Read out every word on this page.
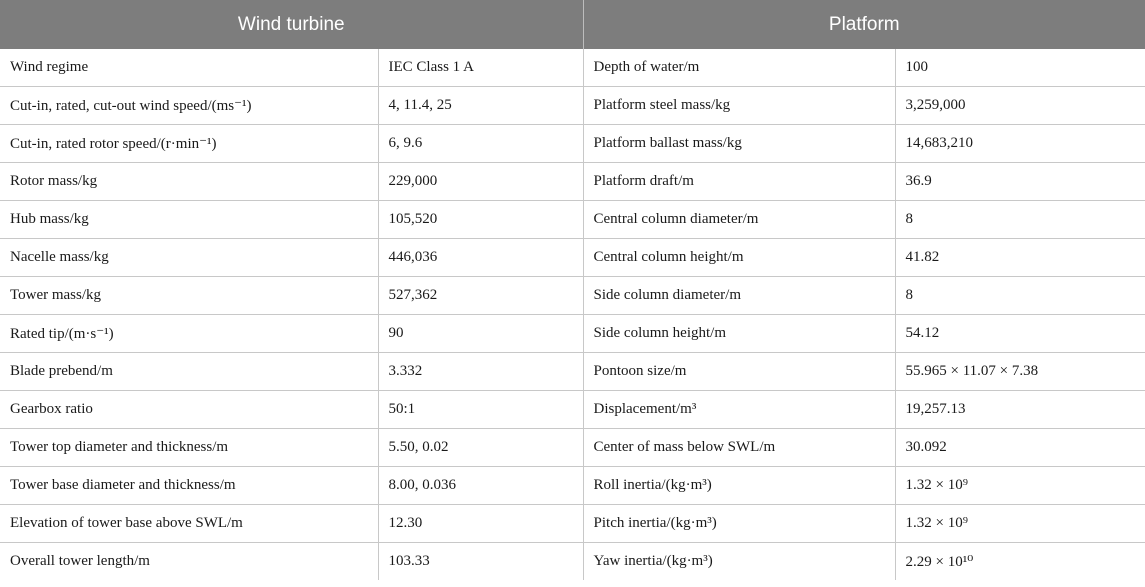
Wind turbine		Platform	
Wind regime	IEC Class 1 A	Depth of water/m	100
Cut-in, rated, cut-out wind speed/(ms⁻¹)	4, 11.4, 25	Platform steel mass/kg	3,259,000
Cut-in, rated rotor speed/(r·min⁻¹)	6, 9.6	Platform ballast mass/kg	14,683,210
Rotor mass/kg	229,000	Platform draft/m	36.9
Hub mass/kg	105,520	Central column diameter/m	8
Nacelle mass/kg	446,036	Central column height/m	41.82
Tower mass/kg	527,362	Side column diameter/m	8
Rated tip/(m·s⁻¹)	90	Side column height/m	54.12
Blade prebend/m	3.332	Pontoon size/m	55.965 × 11.07 × 7.38
Gearbox ratio	50:1	Displacement/m³	19,257.13
Tower top diameter and thickness/m	5.50, 0.02	Center of mass below SWL/m	30.092
Tower base diameter and thickness/m	8.00, 0.036	Roll inertia/(kg·m³)	1.32 × 10⁹
Elevation of tower base above SWL/m	12.30	Pitch inertia/(kg·m³)	1.32 × 10⁹
Overall tower length/m	103.33	Yaw inertia/(kg·m³)	2.29 × 10¹⁰
